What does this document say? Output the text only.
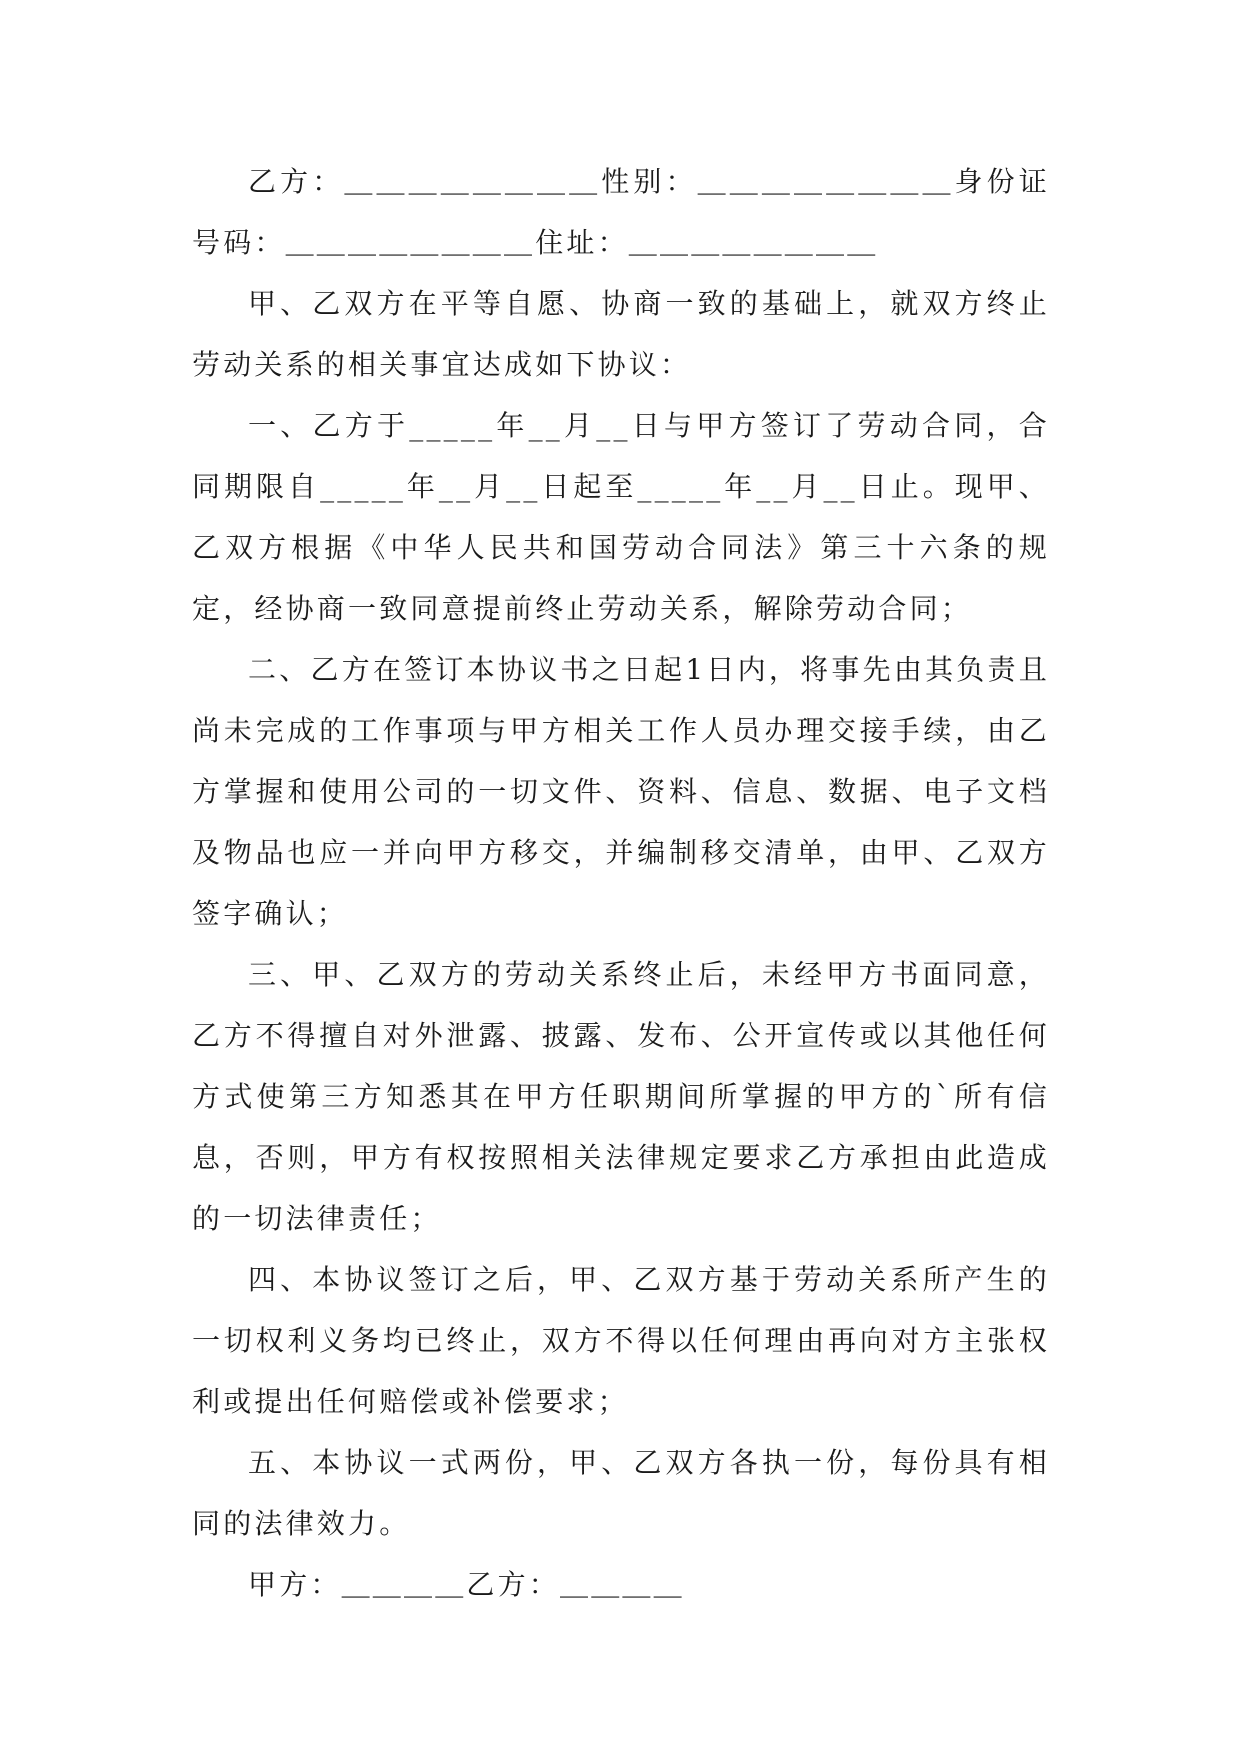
乙方：＿＿＿＿＿＿＿＿性别：＿＿＿＿＿＿＿＿身份证号码：＿＿＿＿＿＿＿＿住址：＿＿＿＿＿＿＿＿

甲、乙双方在平等自愿、协商一致的基础上，就双方终止劳动关系的相关事宜达成如下协议：

一、乙方于_____年__月__日与甲方签订了劳动合同，合同期限自_____年__月__日起至_____年__月__日止。现甲、乙双方根据《中华人民共和国劳动合同法》第三十六条的规定，经协商一致同意提前终止劳动关系，解除劳动合同；

二、乙方在签订本协议书之日起1日内，将事先由其负责且尚未完成的工作事项与甲方相关工作人员办理交接手续，由乙方掌握和使用公司的一切文件、资料、信息、数据、电子文档及物品也应一并向甲方移交，并编制移交清单，由甲、乙双方签字确认；

三、甲、乙双方的劳动关系终止后，未经甲方书面同意，乙方不得擅自对外泄露、披露、发布、公开宣传或以其他任何方式使第三方知悉其在甲方任职期间所掌握的甲方的`所有信息，否则，甲方有权按照相关法律规定要求乙方承担由此造成的一切法律责任；

四、本协议签订之后，甲、乙双方基于劳动关系所产生的一切权利义务均已终止，双方不得以任何理由再向对方主张权利或提出任何赔偿或补偿要求；

五、本协议一式两份，甲、乙双方各执一份，每份具有相同的法律效力。

甲方：＿＿＿＿乙方：＿＿＿＿
